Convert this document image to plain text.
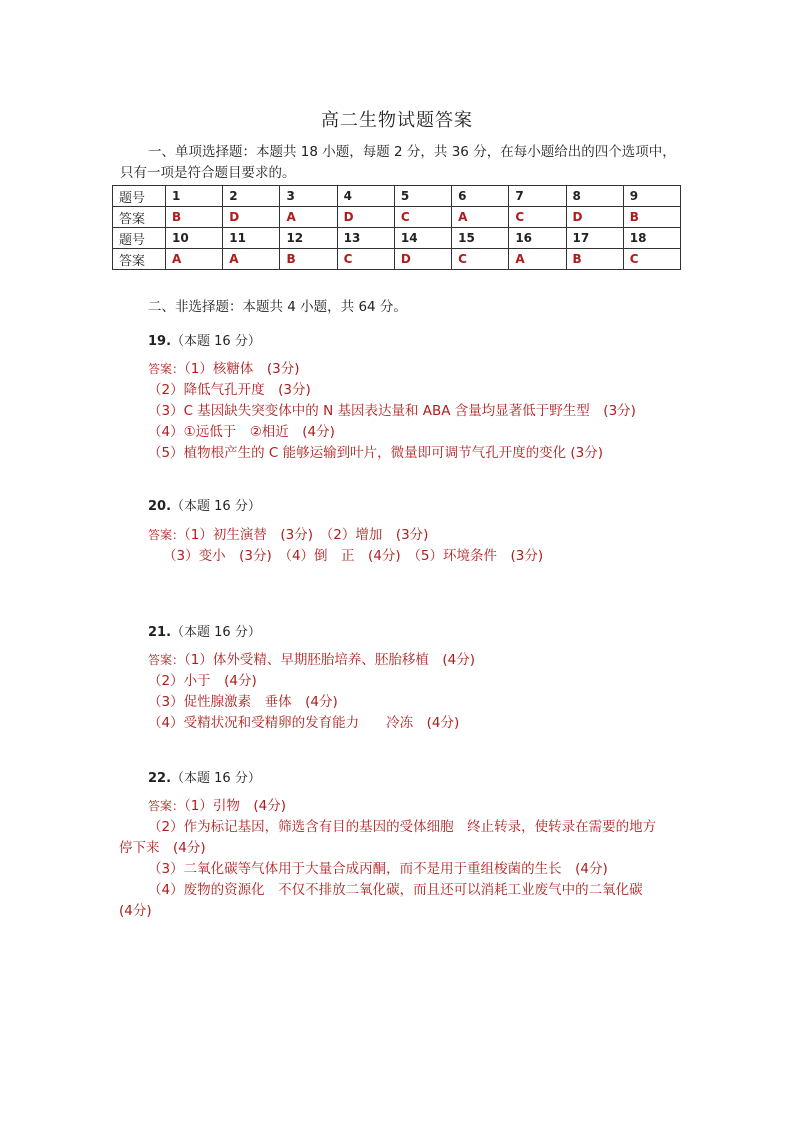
高二生物试题答案
一、单项选择题：本题共 18 小题，每题 2 分，共 36 分，在每小题给出的四个选项中，
只有一项是符合题目要求的。
题号	1	2	3	4	5	6	7	8	9
答案	B	D	A	D	C	A	C	D	B
题号	10	11	12	13	14	15	16	17	18
答案	A	A	B	C	D	C	A	B	C
二、非选择题：本题共 4 小题，共 64 分。
19.（本题 16 分）
答案：（1）核糖体　(3分)
（2）降低气孔开度　(3分)
（3）C 基因缺失突变体中的 N 基因表达量和 ABA 含量均显著低于野生型　(3分)
（4）①远低于　②相近　(4分)
（5）植物根产生的 C 能够运输到叶片，微量即可调节气孔开度的变化 (3分)
20.（本题 16 分）
答案：（1）初生演替　(3分)　（2）增加　(3分)
（3）变小　(3分)　（4）倒　正　(4分)　（5）环境条件　(3分)
21.（本题 16 分）
答案：（1）体外受精、早期胚胎培养、胚胎移植　(4分)
（2）小于　(4分)
（3）促性腺激素　垂体　(4分)
（4）受精状况和受精卵的发育能力　　冷冻　(4分)
22.（本题 16 分）
答案：（1）引物　(4分)
（2）作为标记基因，筛选含有目的基因的受体细胞　终止转录，使转录在需要的地方
停下来　(4分)
（3）二氧化碳等气体用于大量合成丙酮，而不是用于重组梭菌的生长　(4分)
（4）废物的资源化　不仅不排放二氧化碳，而且还可以消耗工业废气中的二氧化碳
(4分)
